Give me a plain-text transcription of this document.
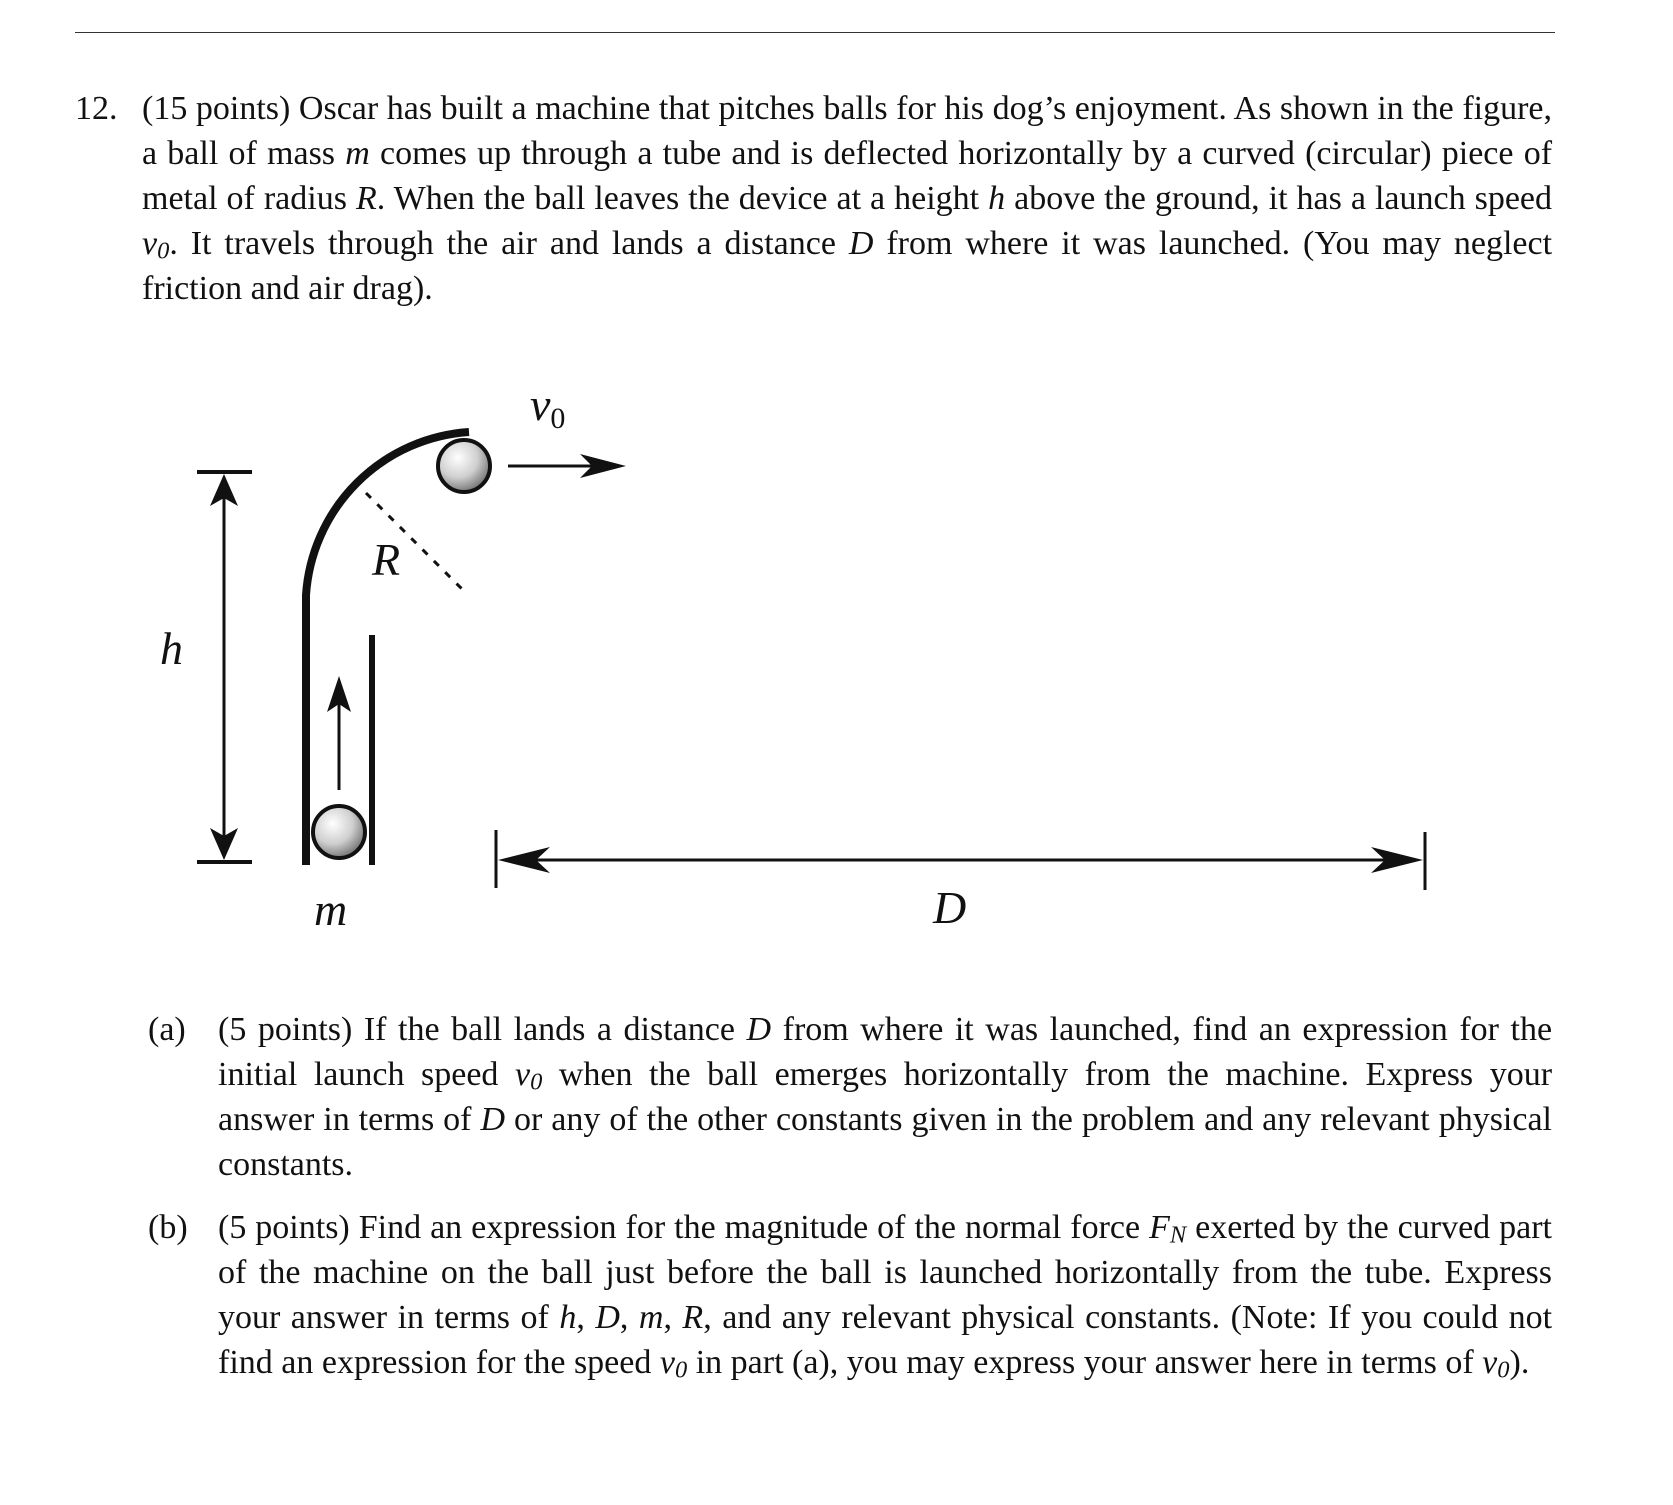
12. (15 points) Oscar has built a machine that pitches balls for his dog’s enjoyment. As shown in the figure, a ball of mass m comes up through a tube and is deflected horizontally by a curved (circular) piece of metal of radius R. When the ball leaves the device at a height h above the ground, it has a launch speed $v_0$. It travels through the air and lands a distance D from where it was launched. (You may neglect friction and air drag).

h
R
m
v0
D

(a) (5 points) If the ball lands a distance D from where it was launched, find an expression for the initial launch speed $v_0$ when the ball emerges horizontally from the machine. Express your answer in terms of D or any of the other constants given in the problem and any relevant physical constants.

(b) (5 points) Find an expression for the magnitude of the normal force $F_N$ exerted by the curved part of the machine on the ball just before the ball is launched horizontally from the tube. Express your answer in terms of h, D, m, R, and any relevant physical constants. (Note: If you could not find an expression for the speed $v_0$ in part (a), you may express your answer here in terms of $v_0$).
